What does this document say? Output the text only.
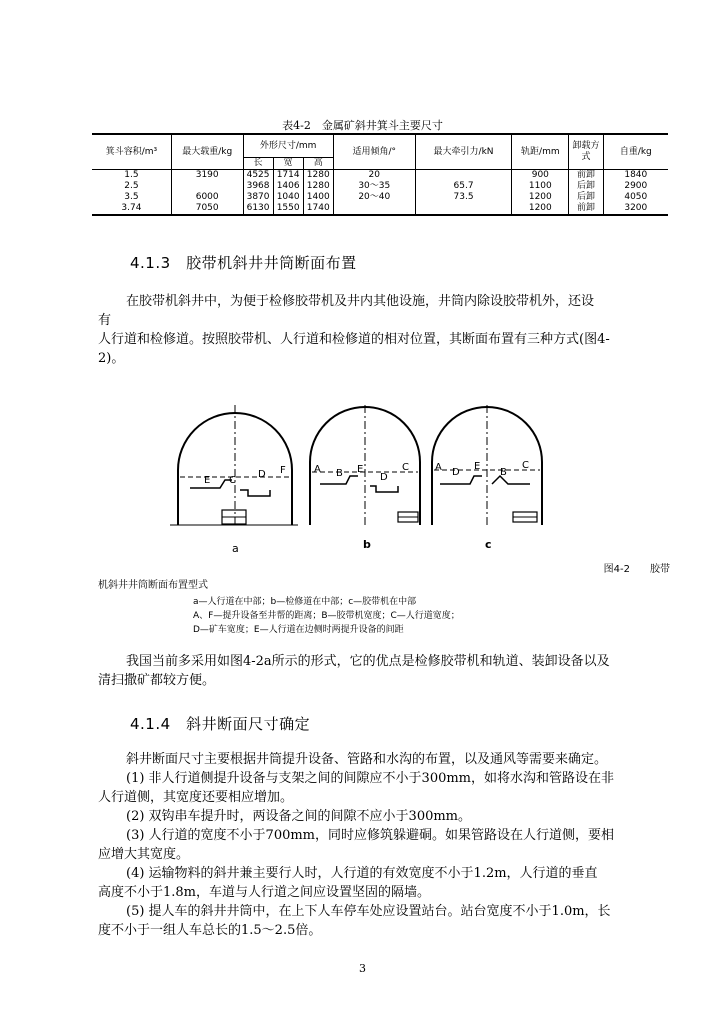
表4-2　金属矿斜井箕斗主要尺寸
箕斗容积/m³	最大载重/kg	外形尺寸/mm			适用倾角/°	最大牵引力/kN	轨距/mm	卸载方式	自重/kg
		长	宽	高					
1.5	3190	4525	1714	1280	20		900	前卸	1840
2.5		3968	1406	1280	30～35	65.7	1100	后卸	2900
3.5	6000	3870	1040	1400	20～40	73.5	1200	后卸	4050
3.74	7050	6130	1550	1740			1200	前卸	3200
4.1.3　胶带机斜井井筒断面布置
在胶带机斜井中，为便于检修胶带机及井内其他设施，井筒内除设胶带机外，还设
有
人行道和检修道。按照胶带机、人行道和检修道的相对位置，其断面布置有三种方式(图4-
2)。
E C
D F	A B E
D
C	A D
E
B
C
a	b	c
图4-2　　胶带
机斜井井筒断面布置型式
a—人行道在中部；b—检修道在中部；c—胶带机在中部
A、F—提升设备至井帮的距离；B—胶带机宽度；C—人行道宽度；
D—矿车宽度；E—人行道在边侧时两提升设备的间距
我国当前多采用如图4-2a所示的形式，它的优点是检修胶带机和轨道、装卸设备以及
清扫撒矿都较方便。
4.1.4　斜井断面尺寸确定
斜井断面尺寸主要根据井筒提升设备、管路和水沟的布置，以及通风等需要来确定。
(1) 非人行道侧提升设备与支架之间的间隙应不小于300mm，如将水沟和管路设在非
人行道侧，其宽度还要相应增加。
(2) 双钩串车提升时，两设备之间的间隙不应小于300mm。
(3) 人行道的宽度不小于700mm，同时应修筑躲避硐。如果管路设在人行道侧，要相
应增大其宽度。
(4) 运输物料的斜井兼主要行人时，人行道的有效宽度不小于1.2m，人行道的垂直
高度不小于1.8m，车道与人行道之间应设置坚固的隔墙。
(5) 提人车的斜井井筒中，在上下人车停车处应设置站台。站台宽度不小于1.0m，长
度不小于一组人车总长的1.5～2.5倍。
3
